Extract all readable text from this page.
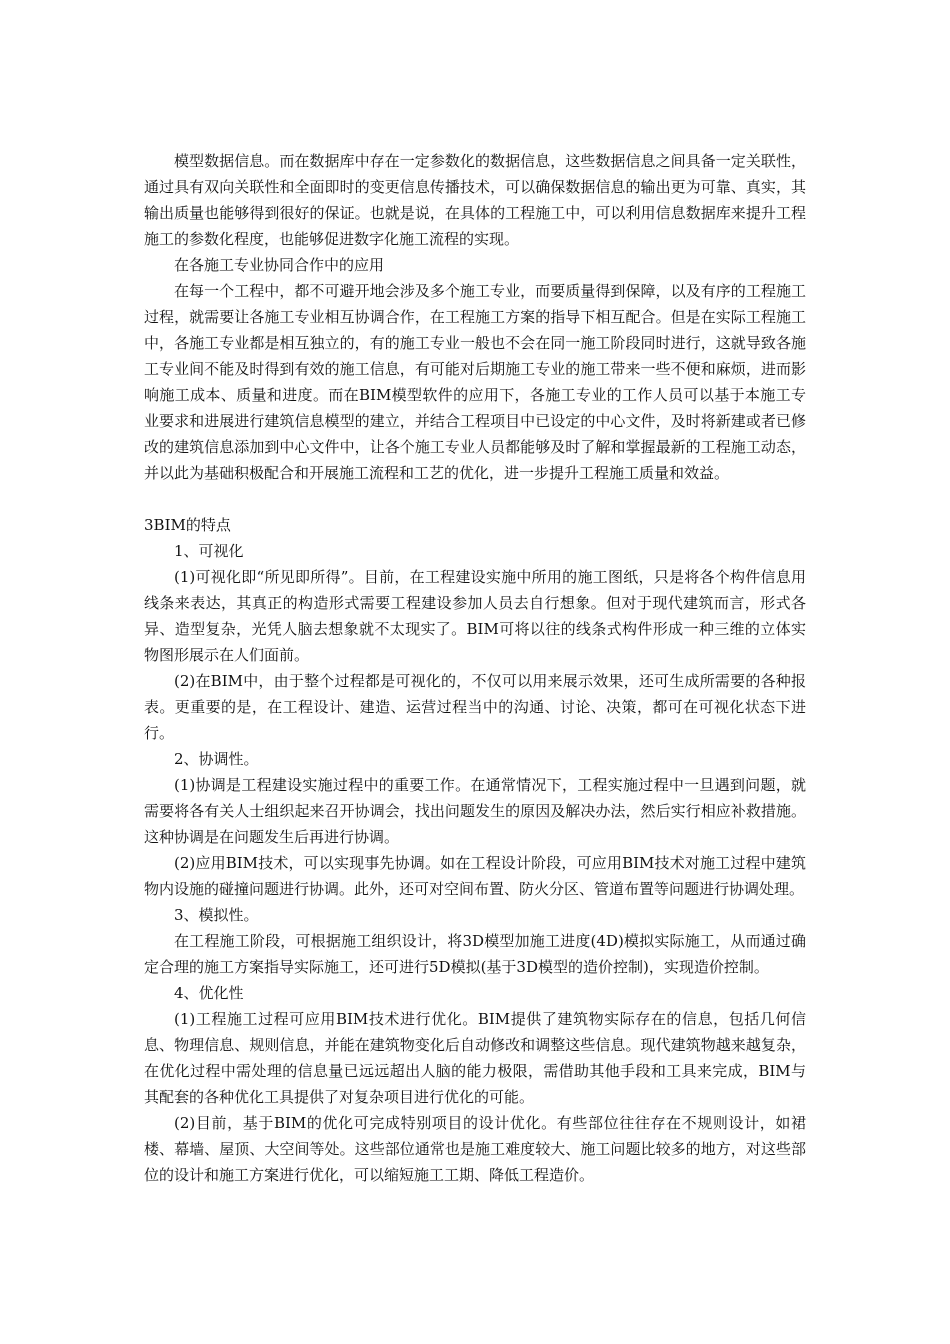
模型数据信息。而在数据库中存在一定参数化的数据信息，这些数据信息之间具备一定关联性，通过具有双向关联性和全面即时的变更信息传播技术，可以确保数据信息的输出更为可靠、真实，其输出质量也能够得到很好的保证。也就是说，在具体的工程施工中，可以利用信息数据库来提升工程施工的参数化程度，也能够促进数字化施工流程的实现。

在各施工专业协同合作中的应用

在每一个工程中，都不可避开地会涉及多个施工专业，而要质量得到保障，以及有序的工程施工过程，就需要让各施工专业相互协调合作，在工程施工方案的指导下相互配合。但是在实际工程施工中，各施工专业都是相互独立的，有的施工专业一般也不会在同一施工阶段同时进行，这就导致各施工专业间不能及时得到有效的施工信息，有可能对后期施工专业的施工带来一些不便和麻烦，进而影响施工成本、质量和进度。而在BIM模型软件的应用下，各施工专业的工作人员可以基于本施工专业要求和进展进行建筑信息模型的建立，并结合工程项目中已设定的中心文件，及时将新建或者已修改的建筑信息添加到中心文件中，让各个施工专业人员都能够及时了解和掌握最新的工程施工动态，并以此为基础积极配合和开展施工流程和工艺的优化，进一步提升工程施工质量和效益。

3BIM的特点

1、可视化

(1)可视化即“所见即所得”。目前，在工程建设实施中所用的施工图纸，只是将各个构件信息用线条来表达，其真正的构造形式需要工程建设参加人员去自行想象。但对于现代建筑而言，形式各异、造型复杂，光凭人脑去想象就不太现实了。BIM可将以往的线条式构件形成一种三维的立体实物图形展示在人们面前。

(2)在BIM中，由于整个过程都是可视化的，不仅可以用来展示效果，还可生成所需要的各种报表。更重要的是，在工程设计、建造、运营过程当中的沟通、讨论、决策，都可在可视化状态下进行。

2、协调性。

(1)协调是工程建设实施过程中的重要工作。在通常情况下，工程实施过程中一旦遇到问题，就需要将各有关人士组织起来召开协调会，找出问题发生的原因及解决办法，然后实行相应补救措施。这种协调是在问题发生后再进行协调。

(2)应用BIM技术，可以实现事先协调。如在工程设计阶段，可应用BIM技术对施工过程中建筑物内设施的碰撞问题进行协调。此外，还可对空间布置、防火分区、管道布置等问题进行协调处理。

3、模拟性。

在工程施工阶段，可根据施工组织设计，将3D模型加施工进度(4D)模拟实际施工，从而通过确定合理的施工方案指导实际施工，还可进行5D模拟(基于3D模型的造价控制)，实现造价控制。

4、优化性

(1)工程施工过程可应用BIM技术进行优化。BIM提供了建筑物实际存在的信息，包括几何信息、物理信息、规则信息，并能在建筑物变化后自动修改和调整这些信息。现代建筑物越来越复杂，在优化过程中需处理的信息量已远远超出人脑的能力极限，需借助其他手段和工具来完成，BIM与其配套的各种优化工具提供了对复杂项目进行优化的可能。

(2)目前，基于BIM的优化可完成特别项目的设计优化。有些部位往往存在不规则设计，如裙楼、幕墙、屋顶、大空间等处。这些部位通常也是施工难度较大、施工问题比较多的地方，对这些部位的设计和施工方案进行优化，可以缩短施工工期、降低工程造价。
